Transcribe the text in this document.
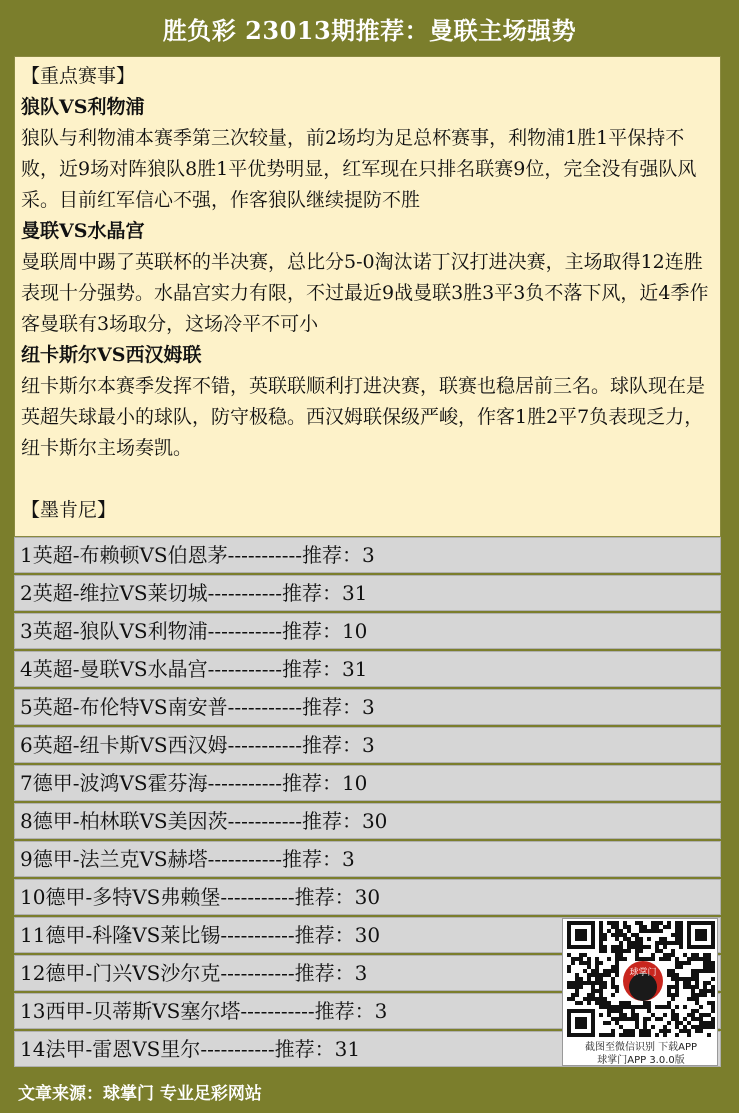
胜负彩 23013期推荐：曼联主场强势

【重点赛事】

狼队VS利物浦

狼队与利物浦本赛季第三次较量，前2场均为足总杯赛事，利物浦1胜1平保持不败，近9场对阵狼队8胜1平优势明显，红军现在只排名联赛9位，完全没有强队风采。目前红军信心不强，作客狼队继续提防不胜

曼联VS水晶宫

曼联周中踢了英联杯的半决赛，总比分5-0淘汰诺丁汉打进决赛，主场取得12连胜表现十分强势。水晶宫实力有限，不过最近9战曼联3胜3平3负不落下风，近4季作客曼联有3场取分，这场冷平不可小

纽卡斯尔VS西汉姆联

纽卡斯尔本赛季发挥不错，英联联顺利打进决赛，联赛也稳居前三名。球队现在是英超失球最小的球队，防守极稳。西汉姆联保级严峻，作客1胜2平7负表现乏力，纽卡斯尔主场奏凯。

【墨肯尼】

1英超-布赖顿VS伯恩茅-----------推荐：3
2英超-维拉VS莱切城-----------推荐：31
3英超-狼队VS利物浦-----------推荐：10
4英超-曼联VS水晶宫-----------推荐：31
5英超-布伦特VS南安普-----------推荐：3
6英超-纽卡斯VS西汉姆-----------推荐：3
7德甲-波鸿VS霍芬海-----------推荐：10
8德甲-柏林联VS美因茨-----------推荐：30
9德甲-法兰克VS赫塔-----------推荐：3
10德甲-多特VS弗赖堡-----------推荐：30
11德甲-科隆VS莱比锡-----------推荐：30
12德甲-门兴VS沙尔克-----------推荐：3
13西甲-贝蒂斯VS塞尔塔-----------推荐：3
14法甲-雷恩VS里尔-----------推荐：31
球掌门
截图至微信识别 下载APP
球掌门APP 3.0.0版
文章来源：球掌门 专业足彩网站
